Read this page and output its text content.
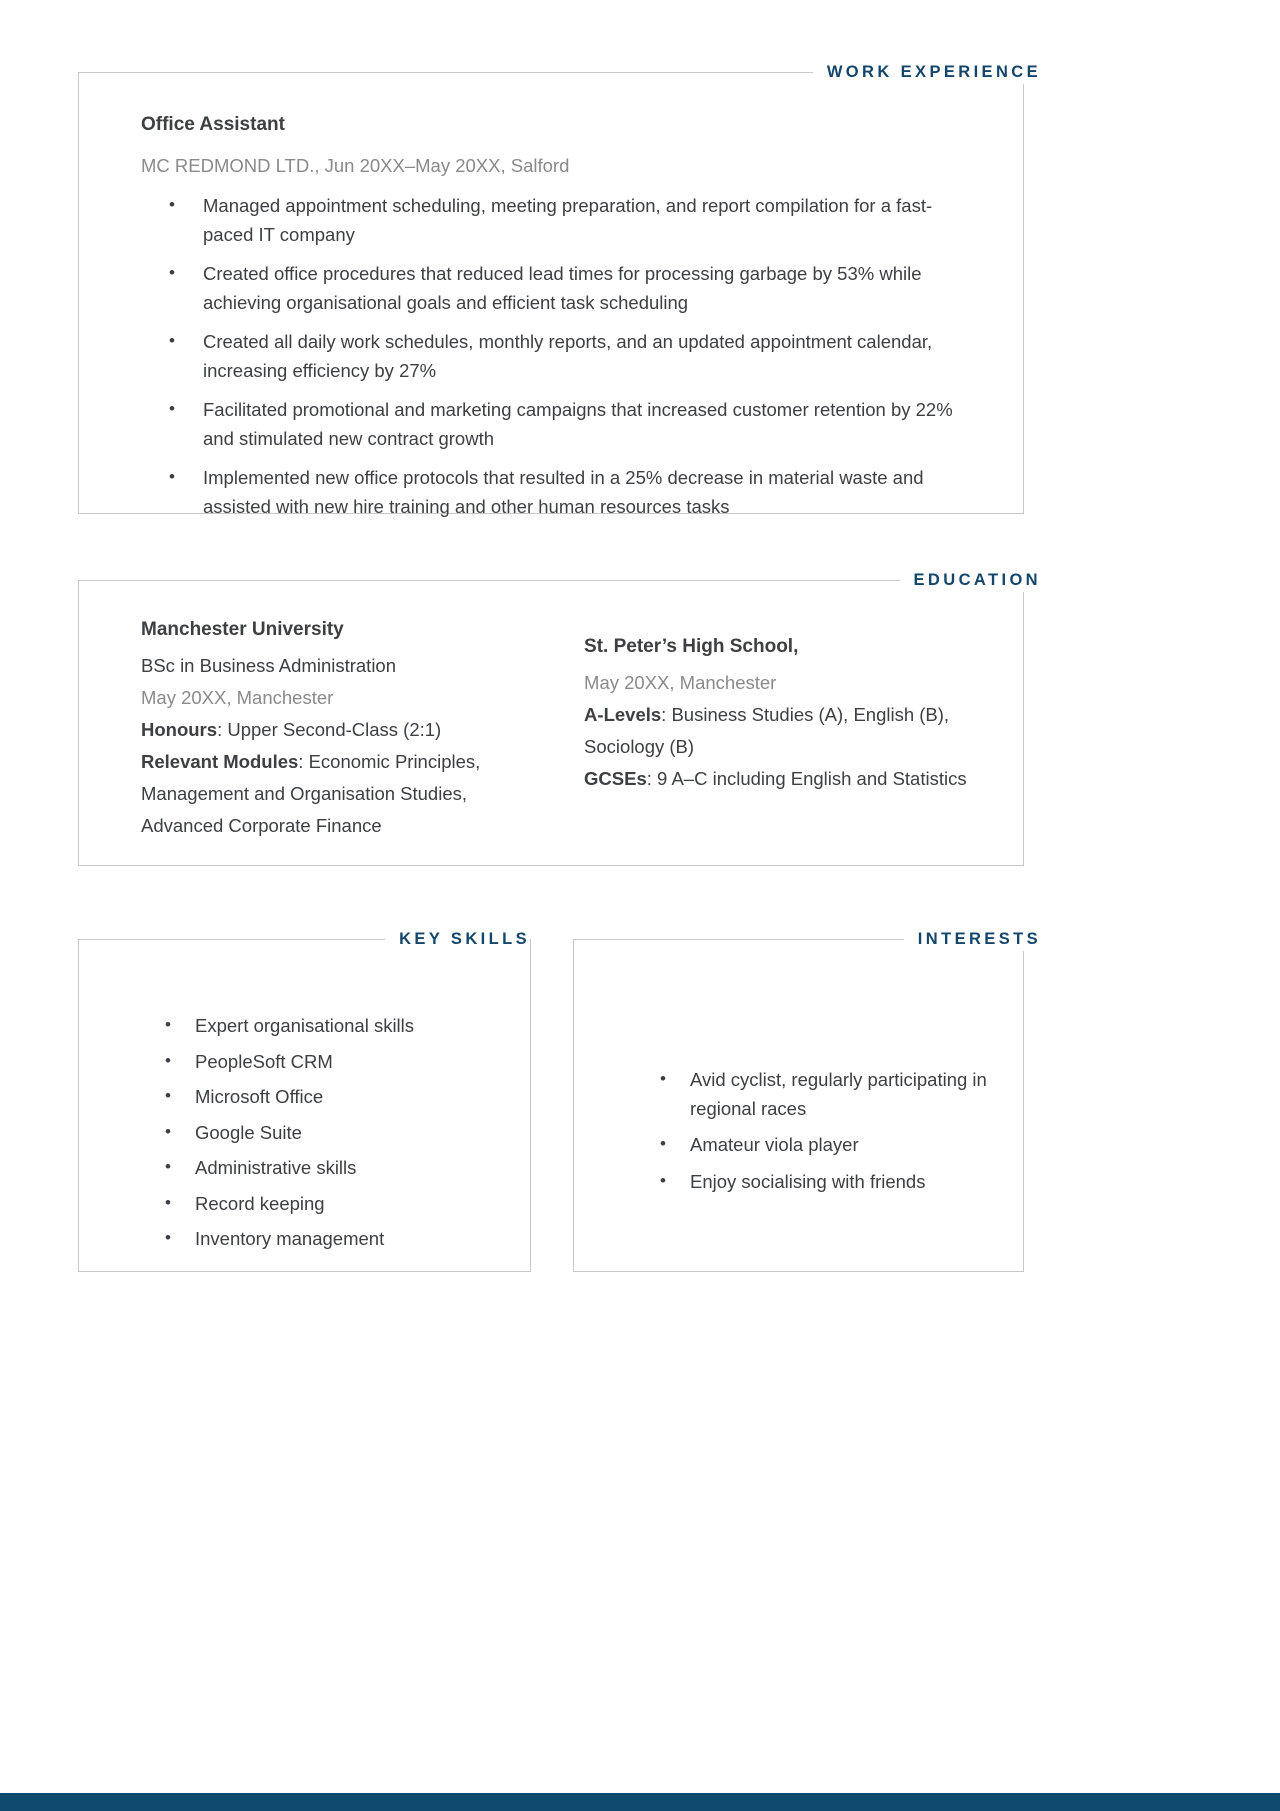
WORK EXPERIENCE
Office Assistant
MC REDMOND LTD., Jun 20XX–May 20XX, Salford
• Managed appointment scheduling, meeting preparation, and report compilation for a fast-paced IT company
• Created office procedures that reduced lead times for processing garbage by 53% while achieving organisational goals and efficient task scheduling
• Created all daily work schedules, monthly reports, and an updated appointment calendar, increasing efficiency by 27%
• Facilitated promotional and marketing campaigns that increased customer retention by 22% and stimulated new contract growth
• Implemented new office protocols that resulted in a 25% decrease in material waste and assisted with new hire training and other human resources tasks
EDUCATION
Manchester University
BSc in Business Administration
May 20XX, Manchester
Honours: Upper Second-Class (2:1)
Relevant Modules: Economic Principles, Management and Organisation Studies, Advanced Corporate Finance
St. Peter’s High School,
May 20XX, Manchester
A-Levels: Business Studies (A), English (B), Sociology (B)
GCSEs: 9 A–C including English and Statistics
KEY SKILLS
• Expert organisational skills
• PeopleSoft CRM
• Microsoft Office
• Google Suite
• Administrative skills
• Record keeping
• Inventory management
INTERESTS
• Avid cyclist, regularly participating in regional races
• Amateur viola player
• Enjoy socialising with friends
